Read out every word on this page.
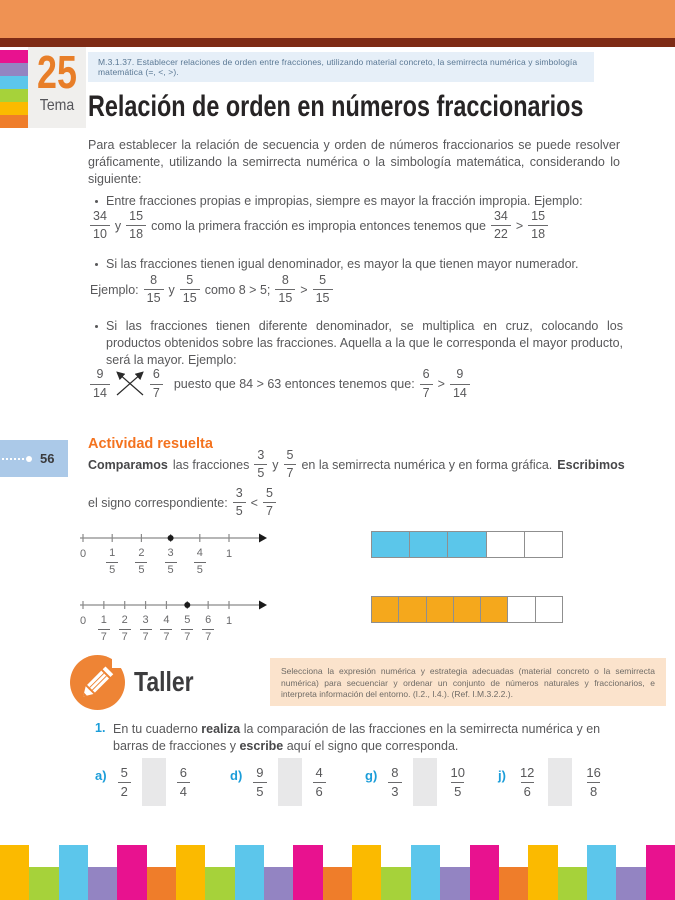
25
Tema
M.3.1.37. Establecer relaciones de orden entre fracciones, utilizando material concreto, la semirrecta numérica y simbología matemática (=, <, >).
Relación de orden en números fraccionarios

Para establecer la relación de secuencia y orden de números fraccionarios se puede resolver gráficamente, utilizando la semirrecta numérica o la simbología matemática, considerando lo siguiente:

Entre fracciones propias e impropias, siempre es mayor la fracción impropia. Ejemplo:
$\frac{34}{10}$ y $\frac{15}{18}$ como la primera fracción es impropia entonces tenemos que $\frac{34}{22} > \frac{15}{18}$
Si las fracciones tienen igual denominador, es mayor la que tienen mayor numerador.
Ejemplo: $\frac{8}{15}$ y $\frac{5}{15}$ como 8 > 5; $\frac{8}{15} > \frac{5}{15}$
Si las fracciones tienen diferente denominador, se multiplica en cruz, colocando los productos obtenidos sobre las fracciones. Aquella a la que le corresponda el mayor producto, será la mayor. Ejemplo:
$\frac{9}{14}$	$\frac{6}{7}$ puesto que 84 > 63 entonces tenemos que: $\frac{6}{7} > \frac{9}{14}$
Actividad resuelta
56	Comparamos las fracciones $\frac{3}{5}$ y $\frac{5}{7}$ en la semirrecta numérica y en forma gráfica. Escribimos
el signo correspondiente: $\frac{3}{5} < \frac{5}{7}$
0	$\frac{1}{5} \frac{2}{5} \frac{3}{5} \frac{4}{5}$	1
0	$\frac{1}{7} \frac{2}{7} \frac{3}{7} \frac{4}{7} \frac{5}{7} \frac{6}{7}$	1
Taller	Selecciona la expresión numérica y estrategia adecuadas (material concreto o la semirrecta numérica) para secuenciar y ordenar un conjunto de números naturales y fraccionarios, e interpreta información del entorno. (I.2., I.4.). (Ref. I.M.3.2.2.).
1. En tu cuaderno realiza la comparación de las fracciones en la semirrecta numérica y en barras de fracciones y escribe aquí el signo que corresponda.

$a) \frac{5}{2}$	$\frac{6}{4}$	$d) \frac{9}{5}$	$\frac{4}{6}$	$g) \frac{8}{3}$	$\frac{10}{5} j) \frac{12}{6}$	$\frac{16}{8}$
